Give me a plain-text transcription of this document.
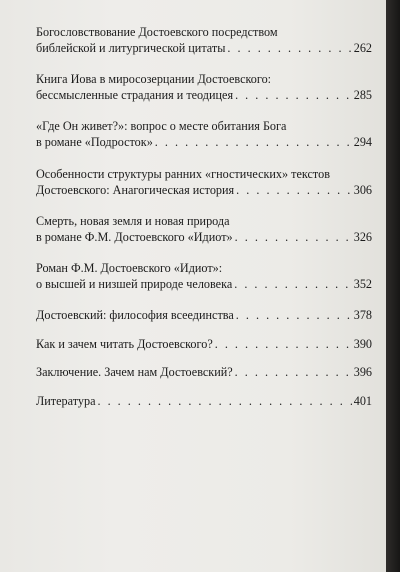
Богословствование Достоевского посредством
библейской и литургической цитаты . . .	262
Книга Иова в миросозерцании Достоевского:
бессмысленные страдания и теодицея . . .	285
«Где Он живет?»: вопрос о месте обитания Бога
в романе «Подросток» . . .	294
Особенности структуры ранних «гностических» текстов
Достоевского: Анагогическая история . . .	306
Смерть, новая земля и новая природа
в романе Ф.М. Достоевского «Идиот» . . .	326
Роман Ф.М. Достоевского «Идиот»:
о высшей и низшей природе человека . . .	352
Достоевский: философия всеединства . . .	378
Как и зачем читать Достоевского? . . .	390
Заключение. Зачем нам Достоевский? . . .	396
Литература . . .	401
